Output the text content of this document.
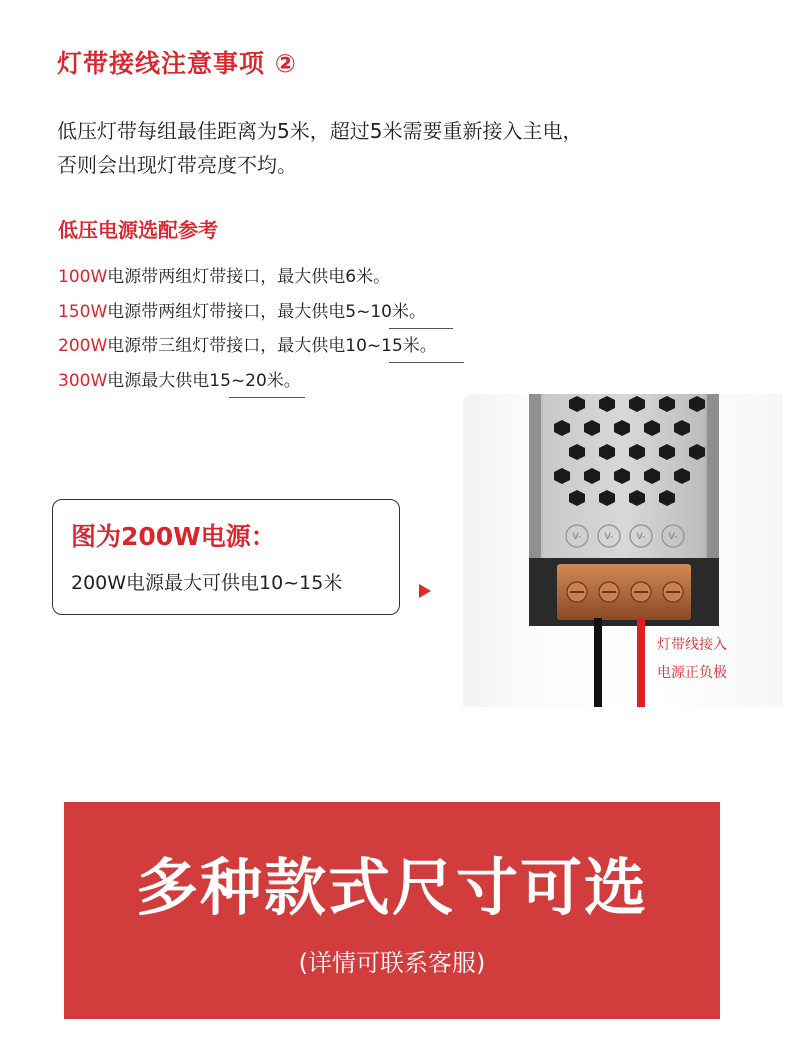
灯带接线注意事项 ②
低压灯带每组最佳距离为5米，超过5米需要重新接入主电，
否则会出现灯带亮度不均。
低压电源选配参考
100W电源带两组灯带接口，最大供电6米。
150W电源带两组灯带接口，最大供电5~10米。
200W电源带三组灯带接口，最大供电10~15米。
300W电源最大供电15~20米。
图为200W电源：
200W电源最大可供电10~15米
V-	V-	V-	V-
灯带线接入
电源正负极
多种款式尺寸可选
(详情可联系客服)
